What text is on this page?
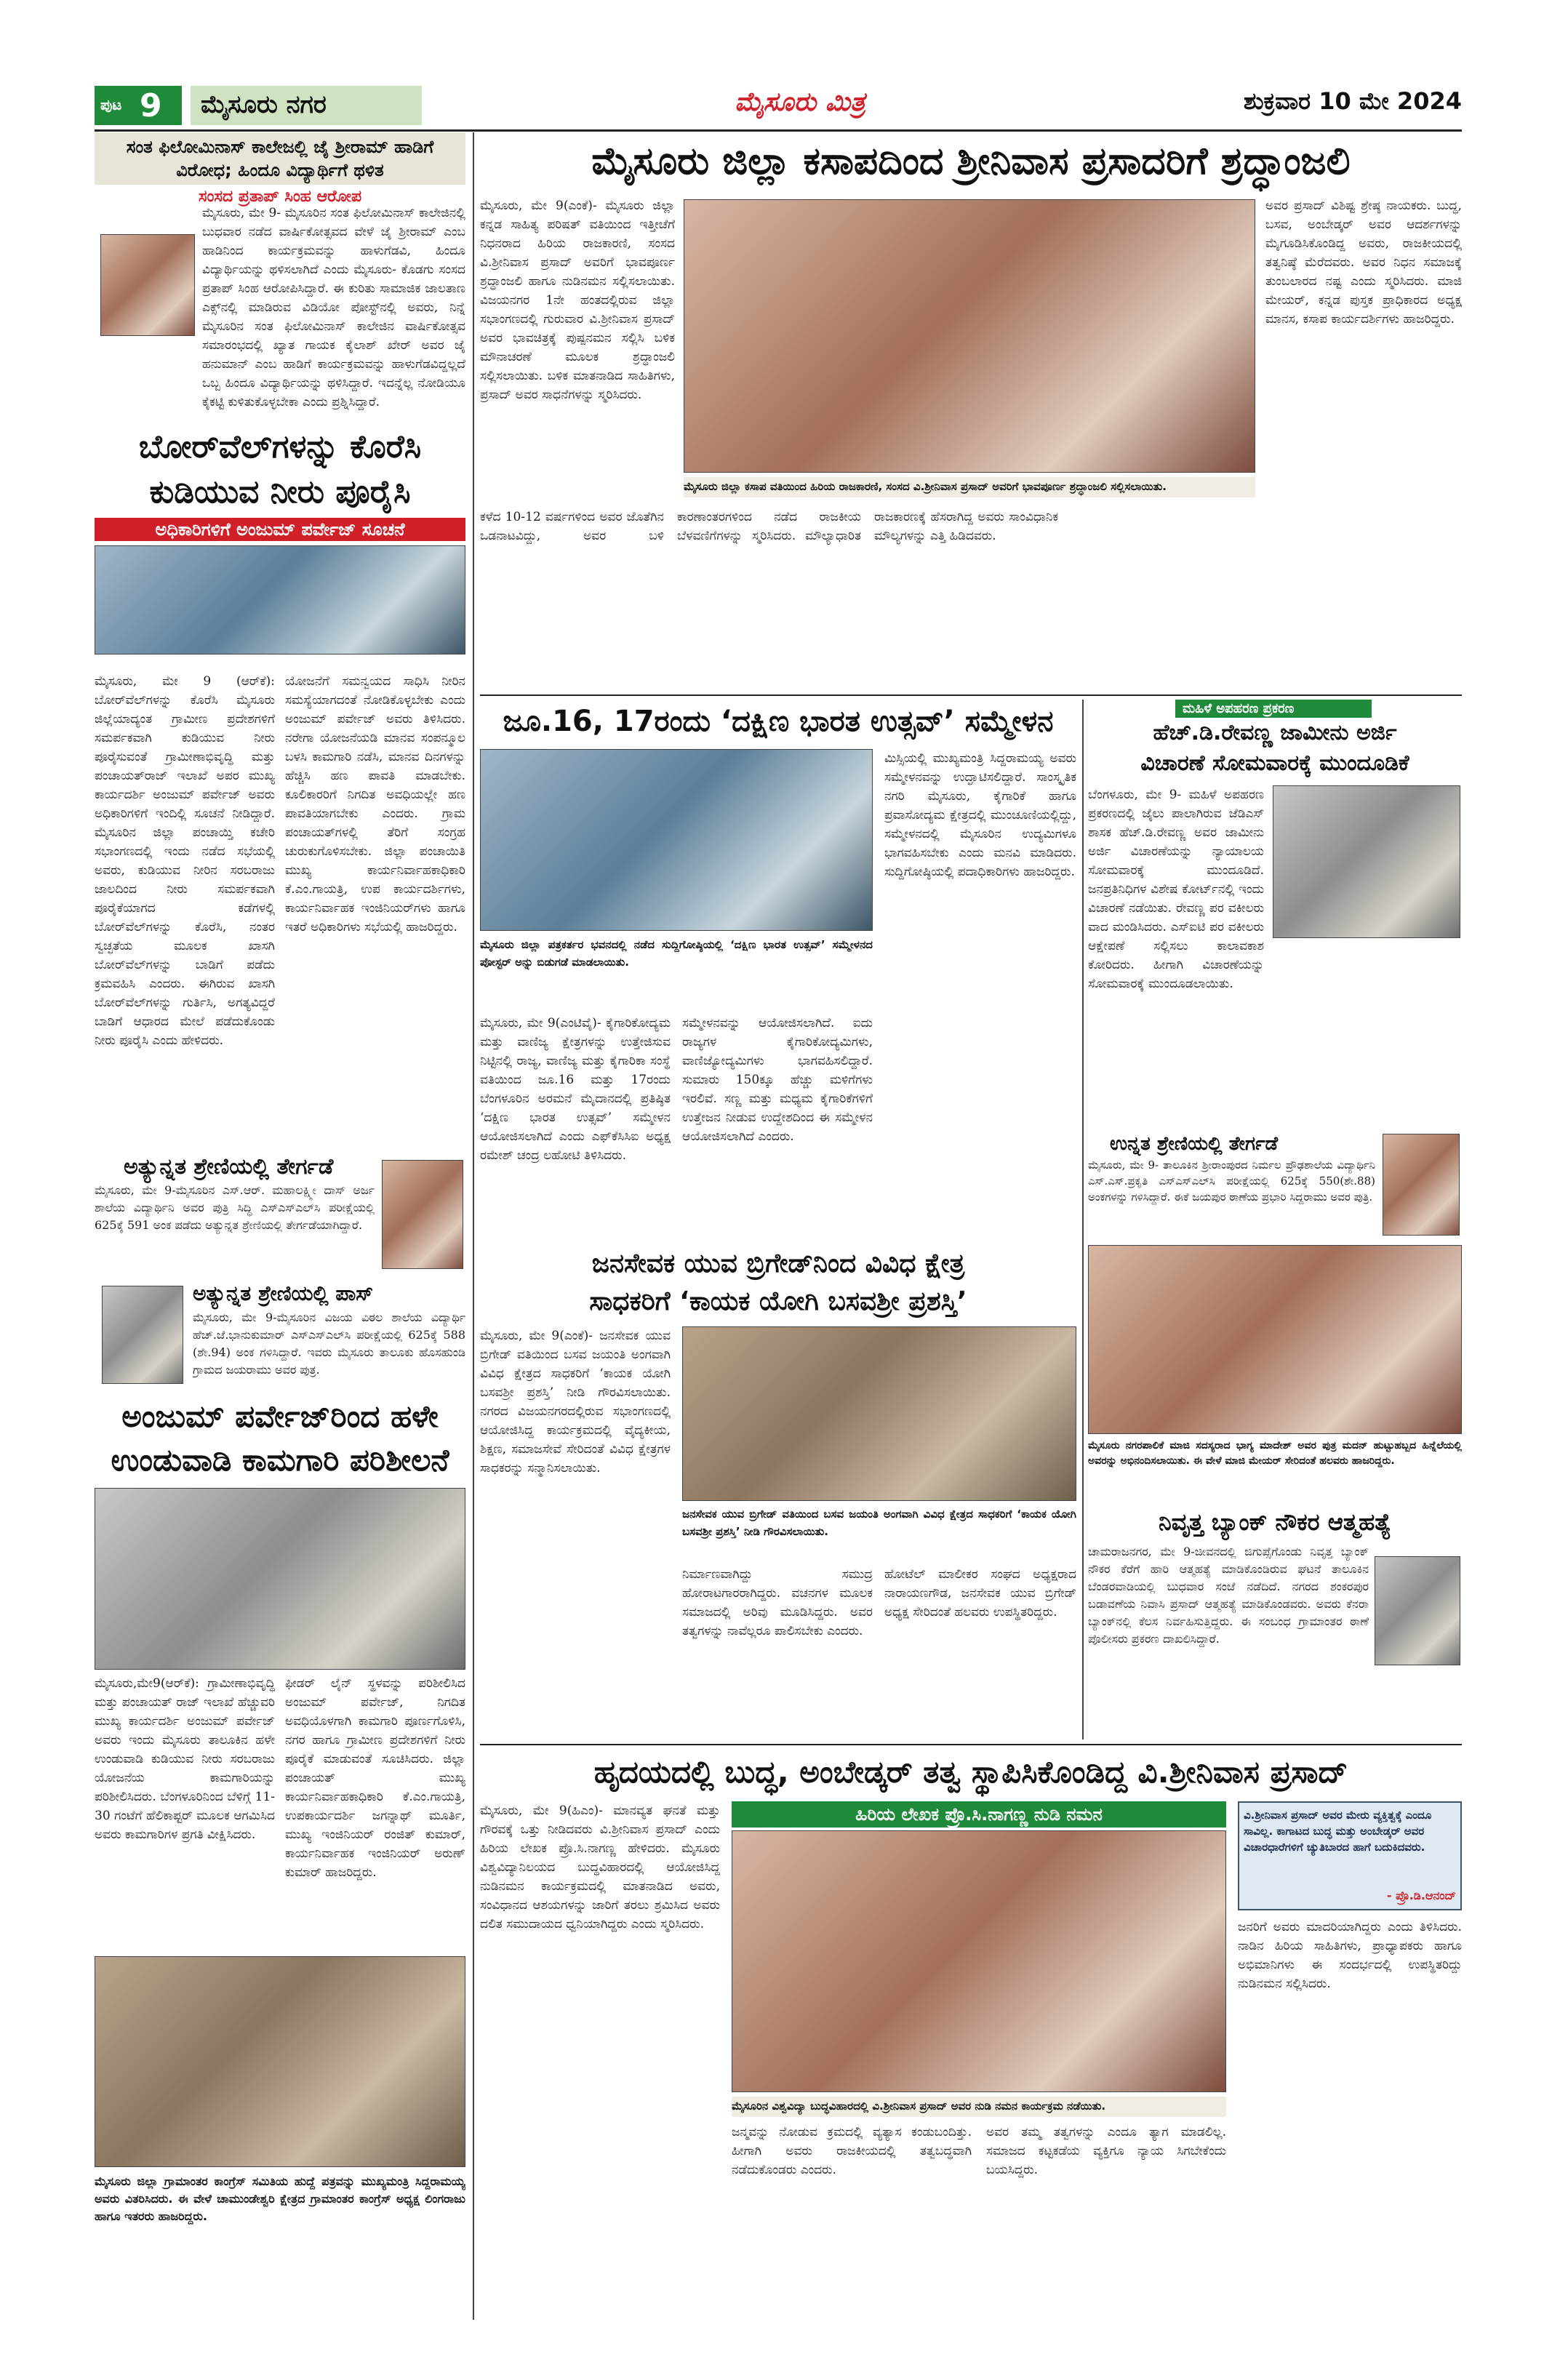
ಪುಟ 9	ಮೈಸೂರು ನಗರ	ಮೈಸೂರು ಮಿತ್ರ	ಶುಕ್ರವಾರ 10 ಮೇ 2024
ಸಂತ ಫಿಲೋಮಿನಾಸ್ ಕಾಲೇಜಲ್ಲಿ ಜೈ ಶ್ರೀರಾಮ್ ಹಾಡಿಗೆ ವಿರೋಧ; ಹಿಂದೂ ವಿದ್ಯಾರ್ಥಿಗೆ ಥಳಿತ
ಸಂಸದ ಪ್ರತಾಪ್ ಸಿಂಹ ಆರೋಪ
ಮೈಸೂರು, ಮೇ 9- ಮೈಸೂರಿನ ಸಂತ ಫಿಲೋಮಿನಾಸ್ ಕಾಲೇಜಿನಲ್ಲಿ ಬುಧವಾರ ನಡೆದ ವಾರ್ಷಿಕೋತ್ಸವದ ವೇಳೆ ಜೈ ಶ್ರೀರಾಮ್ ಎಂಬ ಹಾಡಿನಿಂದ ಕಾರ್ಯಕ್ರಮವನ್ನು ಹಾಳುಗೆಡವಿ, ಹಿಂದೂ ವಿದ್ಯಾರ್ಥಿಯನ್ನು ಥಳಿಸಲಾಗಿದೆ ಎಂದು ಮೈಸೂರು- ಕೊಡಗು ಸಂಸದ ಪ್ರತಾಪ್ ಸಿಂಹ ಆರೋಪಿಸಿದ್ದಾರೆ. ಈ ಕುರಿತು ಸಾಮಾಜಿಕ ಜಾಲತಾಣ ಎಕ್ಸ್‌ನಲ್ಲಿ ಮಾಡಿರುವ ವಿಡಿಯೋ ಪೋಸ್ಟ್‌ನಲ್ಲಿ ಅವರು, ನಿನ್ನೆ ಮೈಸೂರಿನ ಸಂತ ಫಿಲೋಮಿನಾಸ್ ಕಾಲೇಜಿನ ವಾರ್ಷಿಕೋತ್ಸವ ಸಮಾರಂಭದಲ್ಲಿ ಖ್ಯಾತ ಗಾಯಕ ಕೈಲಾಶ್ ಖೇರ್ ಅವರ ಜೈ ಹನುಮಾನ್ ಎಂಬ ಹಾಡಿಗೆ ಕಾರ್ಯಕ್ರಮವನ್ನು ಹಾಳುಗೆಡವಿದ್ದಲ್ಲದೆ ಒಬ್ಬ ಹಿಂದೂ ವಿದ್ಯಾರ್ಥಿಯನ್ನು ಥಳಿಸಿದ್ದಾರೆ. ಇದನ್ನೆಲ್ಲ ನೋಡಿಯೂ ಕೈಕಟ್ಟಿ ಕುಳಿತುಕೊಳ್ಳಬೇಕಾ ಎಂದು ಪ್ರಶ್ನಿಸಿದ್ದಾರೆ.
ಬೋರ್‌ವೆಲ್‌ಗಳನ್ನು ಕೊರೆಸಿ
ಕುಡಿಯುವ ನೀರು ಪೂರೈಸಿ
ಅಧಿಕಾರಿಗಳಿಗೆ ಅಂಜುಮ್ ಪರ್ವೇಜ್ ಸೂಚನೆ
ಮೈಸೂರು, ಮೇ 9 (ಆರ್‌ಕೆ): ಬೋರ್‌ವೆಲ್‌ಗಳನ್ನು ಕೊರೆಸಿ ಮೈಸೂರು ಜಿಲ್ಲೆಯಾದ್ಯಂತ ಗ್ರಾಮೀಣ ಪ್ರದೇಶಗಳಿಗೆ ಸಮರ್ಪಕವಾಗಿ ಕುಡಿಯುವ ನೀರು ಪೂರೈಸುವಂತೆ ಗ್ರಾಮೀಣಾಭಿವೃದ್ಧಿ ಮತ್ತು ಪಂಚಾಯತ್‌ರಾಜ್ ಇಲಾಖೆ ಅಪರ ಮುಖ್ಯ ಕಾರ್ಯದರ್ಶಿ ಅಂಜುಮ್ ಪರ್ವೇಜ್ ಅವರು ಅಧಿಕಾರಿಗಳಿಗೆ ಇಂದಿಲ್ಲಿ ಸೂಚನೆ ನೀಡಿದ್ದಾರೆ. ಮೈಸೂರಿನ ಜಿಲ್ಲಾ ಪಂಚಾಯ್ತಿ ಕಚೇರಿ ಸಭಾಂಗಣದಲ್ಲಿ ಇಂದು ನಡೆದ ಸಭೆಯಲ್ಲಿ ಅವರು, ಕುಡಿಯುವ ನೀರಿನ ಸರಬರಾಜು ಜಾಲದಿಂದ ನೀರು ಸಮರ್ಪಕವಾಗಿ ಪೂರೈಕೆಯಾಗದ ಕಡೆಗಳಲ್ಲಿ ಬೋರ್‌ವೆಲ್‌ಗಳನ್ನು ಕೊರೆಸಿ, ನಂತರ ಸ್ವಚ್ಛತೆಯ ಮೂಲಕ ಖಾಸಗಿ ಬೋರ್‌ವೆಲ್‌ಗಳನ್ನು ಬಾಡಿಗೆ ಪಡೆದು ಕ್ರಮವಹಿಸಿ ಎಂದರು. ಈಗಿರುವ ಖಾಸಗಿ ಬೋರ್‌ವೆಲ್‌ಗಳನ್ನು ಗುರ್ತಿಸಿ, ಅಗತ್ಯವಿದ್ದರೆ ಬಾಡಿಗೆ ಆಧಾರದ ಮೇಲೆ ಪಡೆದುಕೊಂಡು ನೀರು ಪೂರೈಸಿ ಎಂದು ಹೇಳಿದರು.
ಯೋಜನೆಗೆ ಸಮನ್ವಯದ ಸಾಧಿಸಿ ನೀರಿನ ಸಮಸ್ಯೆಯಾಗದಂತೆ ನೋಡಿಕೊಳ್ಳಬೇಕು ಎಂದು ಅಂಜುಮ್ ಪರ್ವೇಜ್ ಅವರು ತಿಳಿಸಿದರು. ನರೇಗಾ ಯೋಜನೆಯಡಿ ಮಾನವ ಸಂಪನ್ಮೂಲ ಬಳಸಿ ಕಾಮಗಾರಿ ನಡೆಸಿ, ಮಾನವ ದಿನಗಳನ್ನು ಹೆಚ್ಚಿಸಿ ಹಣ ಪಾವತಿ ಮಾಡಬೇಕು. ಕೂಲಿಕಾರರಿಗೆ ನಿಗದಿತ ಅವಧಿಯಲ್ಲೇ ಹಣ ಪಾವತಿಯಾಗಬೇಕು ಎಂದರು. ಗ್ರಾಮ ಪಂಚಾಯತ್‌ಗಳಲ್ಲಿ ತೆರಿಗೆ ಸಂಗ್ರಹ ಚುರುಕುಗೊಳಿಸಬೇಕು. ಜಿಲ್ಲಾ ಪಂಚಾಯಿತಿ ಮುಖ್ಯ ಕಾರ್ಯನಿರ್ವಾಹಕಾಧಿಕಾರಿ ಕೆ.ಎಂ.ಗಾಯತ್ರಿ, ಉಪ ಕಾರ್ಯದರ್ಶಿಗಳು, ಕಾರ್ಯನಿರ್ವಾಹಕ ಇಂಜಿನಿಯರ್‌ಗಳು ಹಾಗೂ ಇತರೆ ಅಧಿಕಾರಿಗಳು ಸಭೆಯಲ್ಲಿ ಹಾಜರಿದ್ದರು.
ಅತ್ಯುನ್ನತ ಶ್ರೇಣಿಯಲ್ಲಿ ತೇರ್ಗಡೆ
ಮೈಸೂರು, ಮೇ 9-ಮೈಸೂರಿನ ಎಸ್.ಆರ್. ಮಹಾಲಕ್ಷ್ಮೀ ದಾಸ್ ಅರ್ಜ ಶಾಲೆಯ ವಿದ್ಯಾರ್ಥಿನಿ ಅವರ ಪುತ್ರಿ ಸಿದ್ಧಿ ಎಸ್‌ಎಸ್‌ಎಲ್‌ಸಿ ಪರೀಕ್ಷೆಯಲ್ಲಿ 625ಕ್ಕೆ 591 ಅಂಕ ಪಡೆದು ಅತ್ಯುನ್ನತ ಶ್ರೇಣಿಯಲ್ಲಿ ತೇರ್ಗಡೆಯಾಗಿದ್ದಾರೆ.
ಅತ್ಯುನ್ನತ ಶ್ರೇಣಿಯಲ್ಲಿ ಪಾಸ್
ಮೈಸೂರು, ಮೇ 9-ಮೈಸೂರಿನ ವಿಜಯ ವಿಠಲ ಶಾಲೆಯ ವಿದ್ಯಾರ್ಥಿ ಹೆಚ್.ಜೆ.ಭಾನುಕುಮಾರ್ ಎಸ್‌ಎಸ್‌ಎಲ್‌ಸಿ ಪರೀಕ್ಷೆಯಲ್ಲಿ 625ಕ್ಕೆ 588 (ಶೇ.94) ಅಂಕ ಗಳಿಸಿದ್ದಾರೆ. ಇವರು ಮೈಸೂರು ತಾಲೂಕು ಹೊಸಹುಂಡಿ ಗ್ರಾಮದ ಜಯರಾಮು ಅವರ ಪುತ್ರ.
ಅಂಜುಮ್ ಪರ್ವೇಜ್‌ರಿಂದ ಹಳೇ
ಉಂಡುವಾಡಿ ಕಾಮಗಾರಿ ಪರಿಶೀಲನೆ
ಮೈಸೂರು,ಮೇ9(ಆರ್‌ಕೆ): ಗ್ರಾಮೀಣಾಭಿವೃದ್ಧಿ ಮತ್ತು ಪಂಚಾಯತ್ ರಾಜ್ ಇಲಾಖೆ ಹೆಚ್ಚುವರಿ ಮುಖ್ಯ ಕಾರ್ಯದರ್ಶಿ ಅಂಜುಮ್ ಪರ್ವೇಜ್ ಅವರು ಇಂದು ಮೈಸೂರು ತಾಲೂಕಿನ ಹಳೇ ಉಂಡುವಾಡಿ ಕುಡಿಯುವ ನೀರು ಸರಬರಾಜು ಯೋಜನೆಯ ಕಾಮಗಾರಿಯನ್ನು ಪರಿಶೀಲಿಸಿದರು. ಬೆಂಗಳೂರಿನಿಂದ ಬೆಳಿಗ್ಗೆ 11-30 ಗಂಟೆಗೆ ಹೆಲಿಕಾಪ್ಟರ್ ಮೂಲಕ ಆಗಮಿಸಿದ ಅವರು ಕಾಮಗಾರಿಗಳ ಪ್ರಗತಿ ವೀಕ್ಷಿಸಿದರು.
ಫೀಡರ್ ಲೈನ್ ಸ್ಥಳವನ್ನು ಪರಿಶೀಲಿಸಿದ ಅಂಜುಮ್ ಪರ್ವೇಜ್, ನಿಗದಿತ ಅವಧಿಯೊಳಗಾಗಿ ಕಾಮಗಾರಿ ಪೂರ್ಣಗೊಳಿಸಿ, ನಗರ ಹಾಗೂ ಗ್ರಾಮೀಣ ಪ್ರದೇಶಗಳಿಗೆ ನೀರು ಪೂರೈಕೆ ಮಾಡುವಂತೆ ಸೂಚಿಸಿದರು. ಜಿಲ್ಲಾ ಪಂಚಾಯತ್ ಮುಖ್ಯ ಕಾರ್ಯನಿರ್ವಾಹಕಾಧಿಕಾರಿ ಕೆ.ಎಂ.ಗಾಯತ್ರಿ, ಉಪಕಾರ್ಯದರ್ಶಿ ಜಗನ್ನಾಥ್ ಮೂರ್ತಿ, ಮುಖ್ಯ ಇಂಜಿನಿಯರ್ ರಂಜಿತ್ ಕುಮಾರ್, ಕಾರ್ಯನಿರ್ವಾಹಕ ಇಂಜಿನಿಯರ್ ಅರುಣ್ ಕುಮಾರ್ ಹಾಜರಿದ್ದರು.
ಮೈಸೂರು ಜಿಲ್ಲಾ ಗ್ರಾಮಾಂತರ ಕಾಂಗ್ರೆಸ್ ಸಮಿತಿಯ ಹುದ್ದೆ ಪತ್ರವನ್ನು ಮುಖ್ಯಮಂತ್ರಿ ಸಿದ್ದರಾಮಯ್ಯ ಅವರು ವಿತರಿಸಿದರು. ಈ ವೇಳೆ ಚಾಮುಂಡೇಶ್ವರಿ ಕ್ಷೇತ್ರದ ಗ್ರಾಮಾಂತರ ಕಾಂಗ್ರೆಸ್ ಅಧ್ಯಕ್ಷ ಲಿಂಗರಾಜು ಹಾಗೂ ಇತರರು ಹಾಜರಿದ್ದರು.
ಮೈಸೂರು ಜಿಲ್ಲಾ ಕಸಾಪದಿಂದ ಶ್ರೀನಿವಾಸ ಪ್ರಸಾದರಿಗೆ ಶ್ರದ್ಧಾಂಜಲಿ
ಮೈಸೂರು, ಮೇ 9(ಎಂಕೆ)- ಮೈಸೂರು ಜಿಲ್ಲಾ ಕನ್ನಡ ಸಾಹಿತ್ಯ ಪರಿಷತ್ ವತಿಯಿಂದ ಇತ್ತೀಚೆಗೆ ನಿಧನರಾದ ಹಿರಿಯ ರಾಜಕಾರಣಿ, ಸಂಸದ ವಿ.ಶ್ರೀನಿವಾಸ ಪ್ರಸಾದ್ ಅವರಿಗೆ ಭಾವಪೂರ್ಣ ಶ್ರದ್ಧಾಂಜಲಿ ಹಾಗೂ ನುಡಿನಮನ ಸಲ್ಲಿಸಲಾಯಿತು. ವಿಜಯನಗರ 1ನೇ ಹಂತದಲ್ಲಿರುವ ಜಿಲ್ಲಾ ಸಭಾಂಗಣದಲ್ಲಿ ಗುರುವಾರ ವಿ.ಶ್ರೀನಿವಾಸ ಪ್ರಸಾದ್ ಅವರ ಭಾವಚಿತ್ರಕ್ಕೆ ಪುಷ್ಪನಮನ ಸಲ್ಲಿಸಿ ಬಳಿಕ ಮೌನಾಚರಣೆ ಮೂಲಕ ಶ್ರದ್ಧಾಂಜಲಿ ಸಲ್ಲಿಸಲಾಯಿತು. ಬಳಿಕ ಮಾತನಾಡಿದ ಸಾಹಿತಿಗಳು, ಪ್ರಸಾದ್ ಅವರ ಸಾಧನೆಗಳನ್ನು ಸ್ಮರಿಸಿದರು.
ಮೈಸೂರು ಜಿಲ್ಲಾ ಕಸಾಪ ವತಿಯಿಂದ ಹಿರಿಯ ರಾಜಕಾರಣಿ, ಸಂಸದ ವಿ.ಶ್ರೀನಿವಾಸ ಪ್ರಸಾದ್ ಅವರಿಗೆ ಭಾವಪೂರ್ಣ ಶ್ರದ್ಧಾಂಜಲಿ ಸಲ್ಲಿಸಲಾಯಿತು.
ಅವರ ಪ್ರಸಾದ್ ವಿಶಿಷ್ಟ ಶ್ರೇಷ್ಠ ನಾಯಕರು. ಬುದ್ಧ, ಬಸವ, ಅಂಬೇಡ್ಕರ್ ಅವರ ಆದರ್ಶಗಳನ್ನು ಮೈಗೂಡಿಸಿಕೊಂಡಿದ್ದ ಅವರು, ರಾಜಕೀಯದಲ್ಲಿ ತತ್ವನಿಷ್ಠೆ ಮೆರೆದವರು. ಅವರ ನಿಧನ ಸಮಾಜಕ್ಕೆ ತುಂಬಲಾರದ ನಷ್ಟ ಎಂದು ಸ್ಮರಿಸಿದರು. ಮಾಜಿ ಮೇಯರ್, ಕನ್ನಡ ಪುಸ್ತಕ ಪ್ರಾಧಿಕಾರದ ಅಧ್ಯಕ್ಷ ಮಾನಸ, ಕಸಾಪ ಕಾರ್ಯದರ್ಶಿಗಳು ಹಾಜರಿದ್ದರು.
ಕಳೆದ 10-12 ವರ್ಷಗಳಿಂದ ಅವರ ಜೊತೆಗಿನ ಒಡನಾಟವಿದ್ದು, ಅವರ ಬಳಿ ಕಾರಣಾಂತರಗಳಿಂದ ನಡೆದ ರಾಜಕೀಯ ಬೆಳವಣಿಗೆಗಳನ್ನು ಸ್ಮರಿಸಿದರು. ಮೌಲ್ಯಾಧಾರಿತ ರಾಜಕಾರಣಕ್ಕೆ ಹೆಸರಾಗಿದ್ದ ಅವರು ಸಾಂವಿಧಾನಿಕ ಮೌಲ್ಯಗಳನ್ನು ಎತ್ತಿ ಹಿಡಿದವರು.
ಜೂ.16, 17ರಂದು ‘ದಕ್ಷಿಣ ಭಾರತ ಉತ್ಸವ್’ ಸಮ್ಮೇಳನ
ಮೈಸೂರು ಜಿಲ್ಲಾ ಪತ್ರಕರ್ತರ ಭವನದಲ್ಲಿ ನಡೆದ ಸುದ್ದಿಗೋಷ್ಠಿಯಲ್ಲಿ ‘ದಕ್ಷಿಣ ಭಾರತ ಉತ್ಸವ್’ ಸಮ್ಮೇಳನದ ಪೋಸ್ಟರ್ ಅನ್ನು ಬಿಡುಗಡೆ ಮಾಡಲಾಯಿತು.
ಮೈಸೂರು, ಮೇ 9(ಎಂಟಿವೈ)- ಕೈಗಾರಿಕೋದ್ಯಮ ಮತ್ತು ವಾಣಿಜ್ಯ ಕ್ಷೇತ್ರಗಳನ್ನು ಉತ್ತೇಜಿಸುವ ನಿಟ್ಟಿನಲ್ಲಿ ರಾಜ್ಯ, ವಾಣಿಜ್ಯ ಮತ್ತು ಕೈಗಾರಿಕಾ ಸಂಸ್ಥೆ ವತಿಯಿಂದ ಜೂ.16 ಮತ್ತು 17ರಂದು ಬೆಂಗಳೂರಿನ ಅರಮನೆ ಮೈದಾನದಲ್ಲಿ ಪ್ರತಿಷ್ಠಿತ ‘ದಕ್ಷಿಣ ಭಾರತ ಉತ್ಸವ್’ ಸಮ್ಮೇಳನ ಆಯೋಜಿಸಲಾಗಿದೆ ಎಂದು ಎಫ್‌ಕೆಸಿಸಿಐ ಅಧ್ಯಕ್ಷ ರಮೇಶ್ ಚಂದ್ರ ಲಹೋಟಿ ತಿಳಿಸಿದರು.
ಸಮ್ಮೇಳನವನ್ನು ಆಯೋಜಿಸಲಾಗಿದೆ. ಐದು ರಾಜ್ಯಗಳ ಕೈಗಾರಿಕೋದ್ಯಮಿಗಳು, ವಾಣಿಜ್ಯೋದ್ಯಮಿಗಳು ಭಾಗವಹಿಸಲಿದ್ದಾರೆ. ಸುಮಾರು 150ಕ್ಕೂ ಹೆಚ್ಚು ಮಳಿಗೆಗಳು ಇರಲಿವೆ. ಸಣ್ಣ ಮತ್ತು ಮಧ್ಯಮ ಕೈಗಾರಿಕೆಗಳಿಗೆ ಉತ್ತೇಜನ ನೀಡುವ ಉದ್ದೇಶದಿಂದ ಈ ಸಮ್ಮೇಳನ ಆಯೋಜಿಸಲಾಗಿದೆ ಎಂದರು.
ಮಿಸ್ಸಿಯಲ್ಲಿ ಮುಖ್ಯಮಂತ್ರಿ ಸಿದ್ದರಾಮಯ್ಯ ಅವರು ಸಮ್ಮೇಳನವನ್ನು ಉದ್ಘಾಟಿಸಲಿದ್ದಾರೆ. ಸಾಂಸ್ಕೃತಿಕ ನಗರಿ ಮೈಸೂರು, ಕೈಗಾರಿಕೆ ಹಾಗೂ ಪ್ರವಾಸೋದ್ಯಮ ಕ್ಷೇತ್ರದಲ್ಲಿ ಮುಂಚೂಣಿಯಲ್ಲಿದ್ದು, ಸಮ್ಮೇಳನದಲ್ಲಿ ಮೈಸೂರಿನ ಉದ್ಯಮಿಗಳೂ ಭಾಗವಹಿಸಬೇಕು ಎಂದು ಮನವಿ ಮಾಡಿದರು. ಸುದ್ದಿಗೋಷ್ಠಿಯಲ್ಲಿ ಪದಾಧಿಕಾರಿಗಳು ಹಾಜರಿದ್ದರು.
ಮಹಿಳೆ ಅಪಹರಣ ಪ್ರಕರಣ
ಹೆಚ್.ಡಿ.ರೇವಣ್ಣ ಜಾಮೀನು ಅರ್ಜಿ
ವಿಚಾರಣೆ ಸೋಮವಾರಕ್ಕೆ ಮುಂದೂಡಿಕೆ
ಬೆಂಗಳೂರು, ಮೇ 9- ಮಹಿಳೆ ಅಪಹರಣ ಪ್ರಕರಣದಲ್ಲಿ ಜೈಲು ಪಾಲಾಗಿರುವ ಜೆಡಿಎಸ್ ಶಾಸಕ ಹೆಚ್.ಡಿ.ರೇವಣ್ಣ ಅವರ ಜಾಮೀನು ಅರ್ಜಿ ವಿಚಾರಣೆಯನ್ನು ನ್ಯಾಯಾಲಯ ಸೋಮವಾರಕ್ಕೆ ಮುಂದೂಡಿದೆ. ಜನಪ್ರತಿನಿಧಿಗಳ ವಿಶೇಷ ಕೋರ್ಟ್‌ನಲ್ಲಿ ಇಂದು ವಿಚಾರಣೆ ನಡೆಯಿತು. ರೇವಣ್ಣ ಪರ ವಕೀಲರು ವಾದ ಮಂಡಿಸಿದರು. ಎಸ್‌ಐಟಿ ಪರ ವಕೀಲರು ಆಕ್ಷೇಪಣೆ ಸಲ್ಲಿಸಲು ಕಾಲಾವಕಾಶ ಕೋರಿದರು. ಹೀಗಾಗಿ ವಿಚಾರಣೆಯನ್ನು ಸೋಮವಾರಕ್ಕೆ ಮುಂದೂಡಲಾಯಿತು.
ಉನ್ನತ ಶ್ರೇಣಿಯಲ್ಲಿ ತೇರ್ಗಡೆ
ಮೈಸೂರು, ಮೇ 9- ತಾಲೂಕಿನ ಶ್ರೀರಾಂಪುರದ ನಿರ್ಮಲ ಪ್ರೌಢಶಾಲೆಯ ವಿದ್ಯಾರ್ಥಿನಿ ಎಸ್.ಎಸ್.ಪ್ರಕೃತಿ ಎಸ್‌ಎಸ್‌ಎಲ್‌ಸಿ ಪರೀಕ್ಷೆಯಲ್ಲಿ 625ಕ್ಕೆ 550(ಶೇ.88) ಅಂಕಗಳನ್ನು ಗಳಿಸಿದ್ದಾರೆ. ಈಕೆ ಜಯಪುರ ಠಾಣೆಯ ಪ್ರಭಾರಿ ಸಿದ್ದರಾಮು ಅವರ ಪುತ್ರಿ.
ಜನಸೇವಕ ಯುವ ಬ್ರಿಗೇಡ್‌ನಿಂದ ವಿವಿಧ ಕ್ಷೇತ್ರ
ಸಾಧಕರಿಗೆ ‘ಕಾಯಕ ಯೋಗಿ ಬಸವಶ್ರೀ ಪ್ರಶಸ್ತಿ’
ಮೈಸೂರು, ಮೇ 9(ಎಂಕೆ)- ಜನಸೇವಕ ಯುವ ಬ್ರಿಗೇಡ್ ವತಿಯಿಂದ ಬಸವ ಜಯಂತಿ ಅಂಗವಾಗಿ ವಿವಿಧ ಕ್ಷೇತ್ರದ ಸಾಧಕರಿಗೆ ‘ಕಾಯಕ ಯೋಗಿ ಬಸವಶ್ರೀ ಪ್ರಶಸ್ತಿ’ ನೀಡಿ ಗೌರವಿಸಲಾಯಿತು. ನಗರದ ವಿಜಯನಗರದಲ್ಲಿರುವ ಸಭಾಂಗಣದಲ್ಲಿ ಆಯೋಜಿಸಿದ್ದ ಕಾರ್ಯಕ್ರಮದಲ್ಲಿ ವೈದ್ಯಕೀಯ, ಶಿಕ್ಷಣ, ಸಮಾಜಸೇವೆ ಸೇರಿದಂತೆ ವಿವಿಧ ಕ್ಷೇತ್ರಗಳ ಸಾಧಕರನ್ನು ಸನ್ಮಾನಿಸಲಾಯಿತು.
ಜನಸೇವಕ ಯುವ ಬ್ರಿಗೇಡ್ ವತಿಯಿಂದ ಬಸವ ಜಯಂತಿ ಅಂಗವಾಗಿ ವಿವಿಧ ಕ್ಷೇತ್ರದ ಸಾಧಕರಿಗೆ ‘ಕಾಯಕ ಯೋಗಿ ಬಸವಶ್ರೀ ಪ್ರಶಸ್ತಿ’ ನೀಡಿ ಗೌರವಿಸಲಾಯಿತು.
ನಿರ್ಮಾಣವಾಗಿದ್ದು ಸಮುದ್ರ ಹೋರಾಟಗಾರರಾಗಿದ್ದರು. ವಚನಗಳ ಮೂಲಕ ಸಮಾಜದಲ್ಲಿ ಅರಿವು ಮೂಡಿಸಿದ್ದರು. ಅವರ ತತ್ವಗಳನ್ನು ನಾವೆಲ್ಲರೂ ಪಾಲಿಸಬೇಕು ಎಂದರು.
ಹೋಟೆಲ್ ಮಾಲೀಕರ ಸಂಘದ ಅಧ್ಯಕ್ಷರಾದ ನಾರಾಯಣಗೌಡ, ಜನಸೇವಕ ಯುವ ಬ್ರಿಗೇಡ್ ಅಧ್ಯಕ್ಷ ಸೇರಿದಂತೆ ಹಲವರು ಉಪಸ್ಥಿತರಿದ್ದರು.
ಮೈಸೂರು ನಗರಪಾಲಿಕೆ ಮಾಜಿ ಸದಸ್ಯರಾದ ಭಾಗ್ಯ ಮಾದೇಶ್ ಅವರ ಪುತ್ರ ಮದನ್ ಹುಟ್ಟುಹಬ್ಬದ ಹಿನ್ನೆಲೆಯಲ್ಲಿ ಅವರನ್ನು ಅಭಿನಂದಿಸಲಾಯಿತು. ಈ ವೇಳೆ ಮಾಜಿ ಮೇಯರ್ ಸೇರಿದಂತೆ ಹಲವರು ಹಾಜರಿದ್ದರು.
ನಿವೃತ್ತ ಬ್ಯಾಂಕ್ ನೌಕರ ಆತ್ಮಹತ್ಯೆ
ಚಾಮರಾಜನಗರ, ಮೇ 9-ಜೀವನದಲ್ಲಿ ಜಿಗುಪ್ಸೆಗೊಂಡು ನಿವೃತ್ತ ಬ್ಯಾಂಕ್ ನೌಕರ ಕೆರೆಗೆ ಹಾರಿ ಆತ್ಮಹತ್ಯೆ ಮಾಡಿಕೊಂಡಿರುವ ಘಟನೆ ತಾಲೂಕಿನ ಬೆಂಡರವಾಡಿಯಲ್ಲಿ ಬುಧವಾರ ಸಂಜೆ ನಡೆದಿದೆ. ನಗರದ ಶಂಕರಪುರ ಬಡಾವಣೆಯ ನಿವಾಸಿ ಪ್ರಸಾದ್ ಆತ್ಮಹತ್ಯೆ ಮಾಡಿಕೊಂಡವರು. ಅವರು ಕೆನರಾ ಬ್ಯಾಂಕ್‌ನಲ್ಲಿ ಕೆಲಸ ನಿರ್ವಹಿಸುತ್ತಿದ್ದರು. ಈ ಸಂಬಂಧ ಗ್ರಾಮಾಂತರ ಠಾಣೆ ಪೊಲೀಸರು ಪ್ರಕರಣ ದಾಖಲಿಸಿದ್ದಾರೆ.
ಹೃದಯದಲ್ಲಿ ಬುದ್ಧ, ಅಂಬೇಡ್ಕರ್ ತತ್ವ ಸ್ಥಾಪಿಸಿಕೊಂಡಿದ್ದ ವಿ.ಶ್ರೀನಿವಾಸ ಪ್ರಸಾದ್
ಮೈಸೂರು, ಮೇ 9(ಹಿಎಂ)- ಮಾನವ್ಯತ ಘನತೆ ಮತ್ತು ಗೌರವಕ್ಕೆ ಒತ್ತು ನೀಡಿದವರು ವಿ.ಶ್ರೀನಿವಾಸ ಪ್ರಸಾದ್ ಎಂದು ಹಿರಿಯ ಲೇಖಕ ಪ್ರೊ.ಸಿ.ನಾಗಣ್ಣ ಹೇಳಿದರು. ಮೈಸೂರು ವಿಶ್ವವಿದ್ಯಾನಿಲಯದ ಬುದ್ಧವಿಹಾರದಲ್ಲಿ ಆಯೋಜಿಸಿದ್ದ ನುಡಿನಮನ ಕಾರ್ಯಕ್ರಮದಲ್ಲಿ ಮಾತನಾಡಿದ ಅವರು, ಸಂವಿಧಾನದ ಆಶಯಗಳನ್ನು ಜಾರಿಗೆ ತರಲು ಶ್ರಮಿಸಿದ ಅವರು ದಲಿತ ಸಮುದಾಯದ ಧ್ವನಿಯಾಗಿದ್ದರು ಎಂದು ಸ್ಮರಿಸಿದರು.
ಹಿರಿಯ ಲೇಖಕ ಪ್ರೊ.ಸಿ.ನಾಗಣ್ಣ ನುಡಿ ನಮನ
ಮೈಸೂರಿನ ವಿಶ್ವವಿದ್ಯಾ ಬುದ್ಧವಿಹಾರದಲ್ಲಿ ವಿ.ಶ್ರೀನಿವಾಸ ಪ್ರಸಾದ್ ಅವರ ನುಡಿ ನಮನ ಕಾರ್ಯಕ್ರಮ ನಡೆಯಿತು.
ಜನ್ಮವನ್ನು ನೋಡುವ ಕ್ರಮದಲ್ಲಿ ವ್ಯತ್ಯಾಸ ಕಂಡುಬಂದಿತ್ತು. ಹೀಗಾಗಿ ಅವರು ರಾಜಕೀಯದಲ್ಲಿ ತತ್ವಬದ್ಧವಾಗಿ ನಡೆದುಕೊಂಡರು ಎಂದರು.
ಅವರ ತಮ್ಮ ತತ್ವಗಳನ್ನು ಎಂದೂ ತ್ಯಾಗ ಮಾಡಲಿಲ್ಲ. ಸಮಾಜದ ಕಟ್ಟಕಡೆಯ ವ್ಯಕ್ತಿಗೂ ನ್ಯಾಯ ಸಿಗಬೇಕೆಂದು ಬಯಸಿದ್ದರು.
ವಿ.ಶ್ರೀನಿವಾಸ ಪ್ರಸಾದ್ ಅವರ ಮೇರು ವ್ಯಕ್ತಿತ್ವಕ್ಕೆ ಎಂದೂ ಸಾವಿಲ್ಲ. ಕಾಗಾಟದ ಬುದ್ಧ ಮತ್ತು ಅಂಬೇಡ್ಕರ್ ಅವರ ವಿಚಾರಧಾರೆಗಳಿಗೆ ಚ್ಯುತಿಬಾರದ ಹಾಗೆ ಬದುಕಿದವರು.
- ಪ್ರೊ.ಡಿ.ಆನಂದ್
ಜನರಿಗೆ ಅವರು ಮಾದರಿಯಾಗಿದ್ದರು ಎಂದು ತಿಳಿಸಿದರು. ನಾಡಿನ ಹಿರಿಯ ಸಾಹಿತಿಗಳು, ಪ್ರಾಧ್ಯಾಪಕರು ಹಾಗೂ ಅಭಿಮಾನಿಗಳು ಈ ಸಂದರ್ಭದಲ್ಲಿ ಉಪಸ್ಥಿತರಿದ್ದು ನುಡಿನಮನ ಸಲ್ಲಿಸಿದರು.
